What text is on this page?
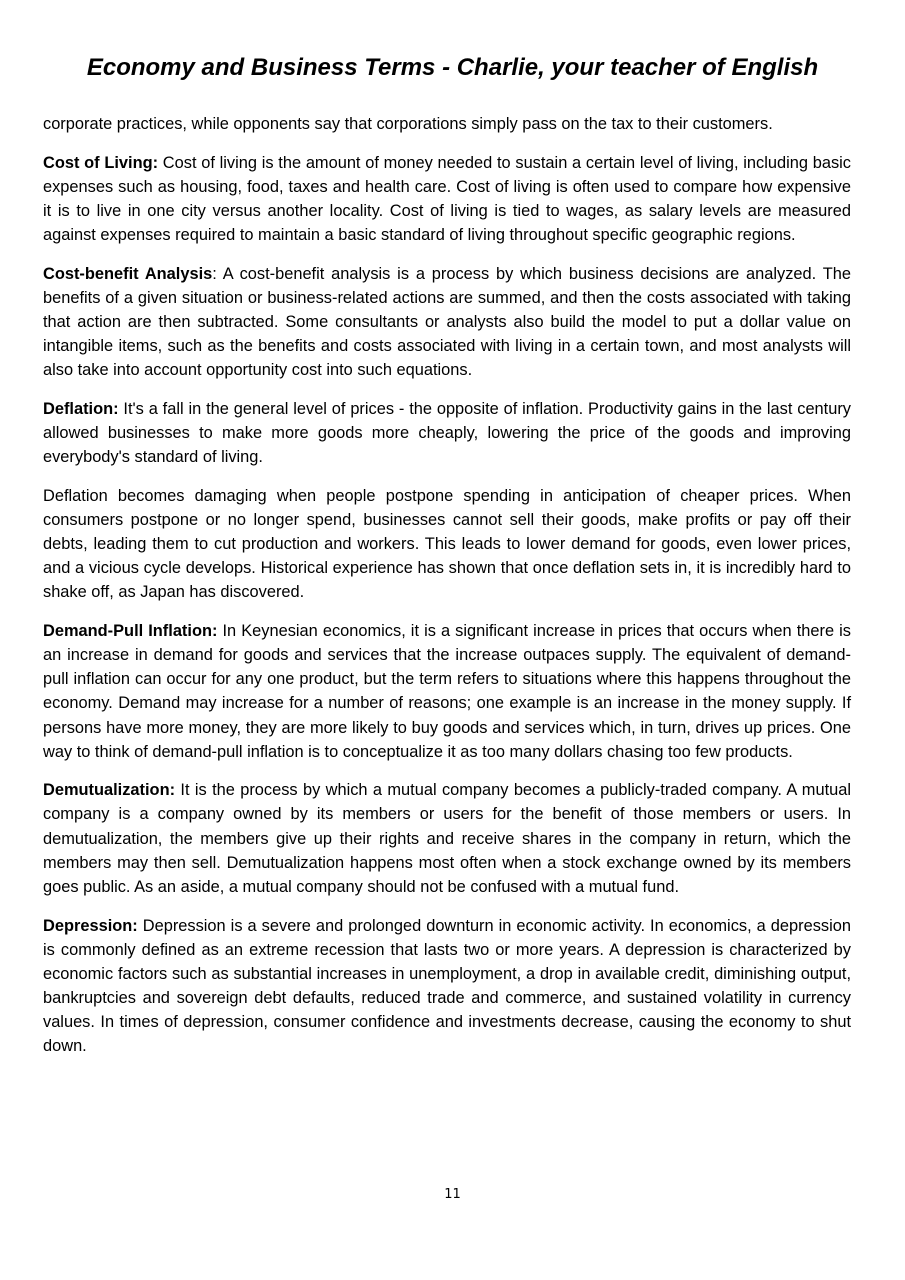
Economy and Business Terms - Charlie, your teacher of English

corporate practices, while opponents say that corporations simply pass on the tax to their customers.

Cost of Living: Cost of living is the amount of money needed to sustain a certain level of living, including basic expenses such as housing, food, taxes and health care. Cost of living is often used to compare how expensive it is to live in one city versus another locality. Cost of living is tied to wages, as salary levels are measured against expenses required to maintain a basic standard of living throughout specific geographic regions.

Cost-benefit Analysis: A cost-benefit analysis is a process by which business decisions are analyzed. The benefits of a given situation or business-related actions are summed, and then the costs associated with taking that action are then subtracted. Some consultants or analysts also build the model to put a dollar value on intangible items, such as the benefits and costs associated with living in a certain town, and most analysts will also take into account opportunity cost into such equations.

Deflation: It's a fall in the general level of prices - the opposite of inflation. Productivity gains in the last century allowed businesses to make more goods more cheaply, lowering the price of the goods and improving everybody's standard of living.

Deflation becomes damaging when people postpone spending in anticipation of cheaper prices. When consumers postpone or no longer spend, businesses cannot sell their goods, make profits or pay off their debts, leading them to cut production and workers. This leads to lower demand for goods, even lower prices, and a vicious cycle develops. Historical experience has shown that once deflation sets in, it is incredibly hard to shake off, as Japan has discovered.

Demand-Pull Inflation: In Keynesian economics, it is a significant increase in prices that occurs when there is an increase in demand for goods and services that the increase outpaces supply. The equivalent of demand-pull inflation can occur for any one product, but the term refers to situations where this happens throughout the economy. Demand may increase for a number of reasons; one example is an increase in the money supply. If persons have more money, they are more likely to buy goods and services which, in turn, drives up prices. One way to think of demand-pull inflation is to conceptualize it as too many dollars chasing too few products.

Demutualization: It is the process by which a mutual company becomes a publicly-traded company. A mutual company is a company owned by its members or users for the benefit of those members or users. In demutualization, the members give up their rights and receive shares in the company in return, which the members may then sell. Demutualization happens most often when a stock exchange owned by its members goes public. As an aside, a mutual company should not be confused with a mutual fund.

Depression: Depression is a severe and prolonged downturn in economic activity. In economics, a depression is commonly defined as an extreme recession that lasts two or more years. A depression is characterized by economic factors such as substantial increases in unemployment, a drop in available credit, diminishing output, bankruptcies and sovereign debt defaults, reduced trade and commerce, and sustained volatility in currency values. In times of depression, consumer confidence and investments decrease, causing the economy to shut down.

11
